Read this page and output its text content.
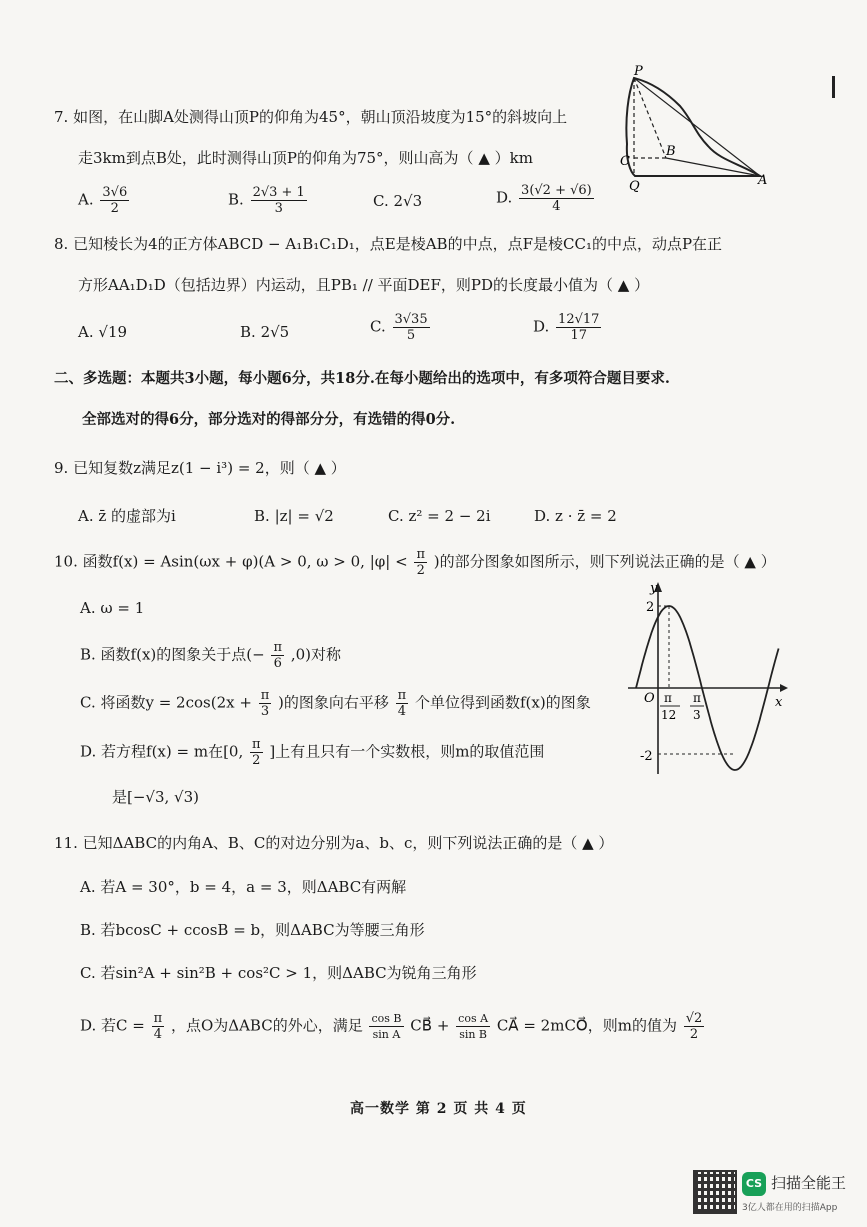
7. 如图，在山脚A处测得山顶P的仰角为45°，朝山顶沿坡度为15°的斜坡向上
走3km到点B处，此时测得山顶P的仰角为75°，则山高为（ ▲ ）km
A. $\frac{3√6}{2}$	B. $\frac{2√3 + 1}{3}$	C. 2√3	D. $\frac{3(√2 + √6)}{4}$
P
C
B
Q	A
8. 已知棱长为4的正方体ABCD − A₁B₁C₁D₁，点E是棱AB的中点，点F是棱CC₁的中点，动点P在正
方形AA₁D₁D（包括边界）内运动，且PB₁ // 平面DEF，则PD的长度最小值为（ ▲ ）
A. √19	B. 2√5	C. $\frac{3√35}{5}$	D. $\frac{12√17}{17}$
二、多选题：本题共3小题，每小题6分，共18分.在每小题给出的选项中，有多项符合题目要求.
全部选对的得6分，部分选对的得部分分，有选错的得0分.
9. 已知复数z满足z(1 − i³) = 2，则（ ▲ ）
A. z̄ 的虚部为i	B. |z| = √2	C. z² = 2 − 2i	D. z · z̄ = 2
10. 函数f(x) = Asin(ωx + φ)(A > 0, ω > 0, $|\varphi| < \frac{\pi}{2}$ )的部分图象如图所示，则下列说法正确的是（ ▲ ）
A. ω = 1
B. 函数f(x)的图象关于点(− $\frac{\pi}{6} ,0$)对称
C. 将函数$y = 2\cos(2x + \frac{\pi}{3}$ )的图象向右平移 $\frac{\pi}{4}$ 个单位得到函数f(x)的图象
D. 若方程f(x) = m在[0, $\frac{\pi}{2}$ ]上有且只有一个实数根，则m的取值范围
是[−√3, √3)
y
x
O
2
-2
π
12
π
3
11. 已知ΔABC的内角A、B、C的对边分别为a、b、c，则下列说法正确的是（ ▲ ）
A. 若A = 30°，b = 4，a = 3，则ΔABC有两解
B. 若bcosC + ccosB = b，则ΔABC为等腰三角形
C. 若sin²A + sin²B + cos²C > 1，则ΔABC为锐角三角形
D. 若$C = \frac{\pi}{4}$ ，点O为ΔABC的外心，满足 $\frac{\text{cos B}}{\text{sin A}}$ CB⃗ + $\frac{\text{cos A}}{\text{sin B}}$ CA⃗ = 2mCO⃗，则m的值为 $\frac{√2}{2}$
高一数学 第 2 页 共 4 页
CS 扫描全能王
3亿人都在用的扫描App
